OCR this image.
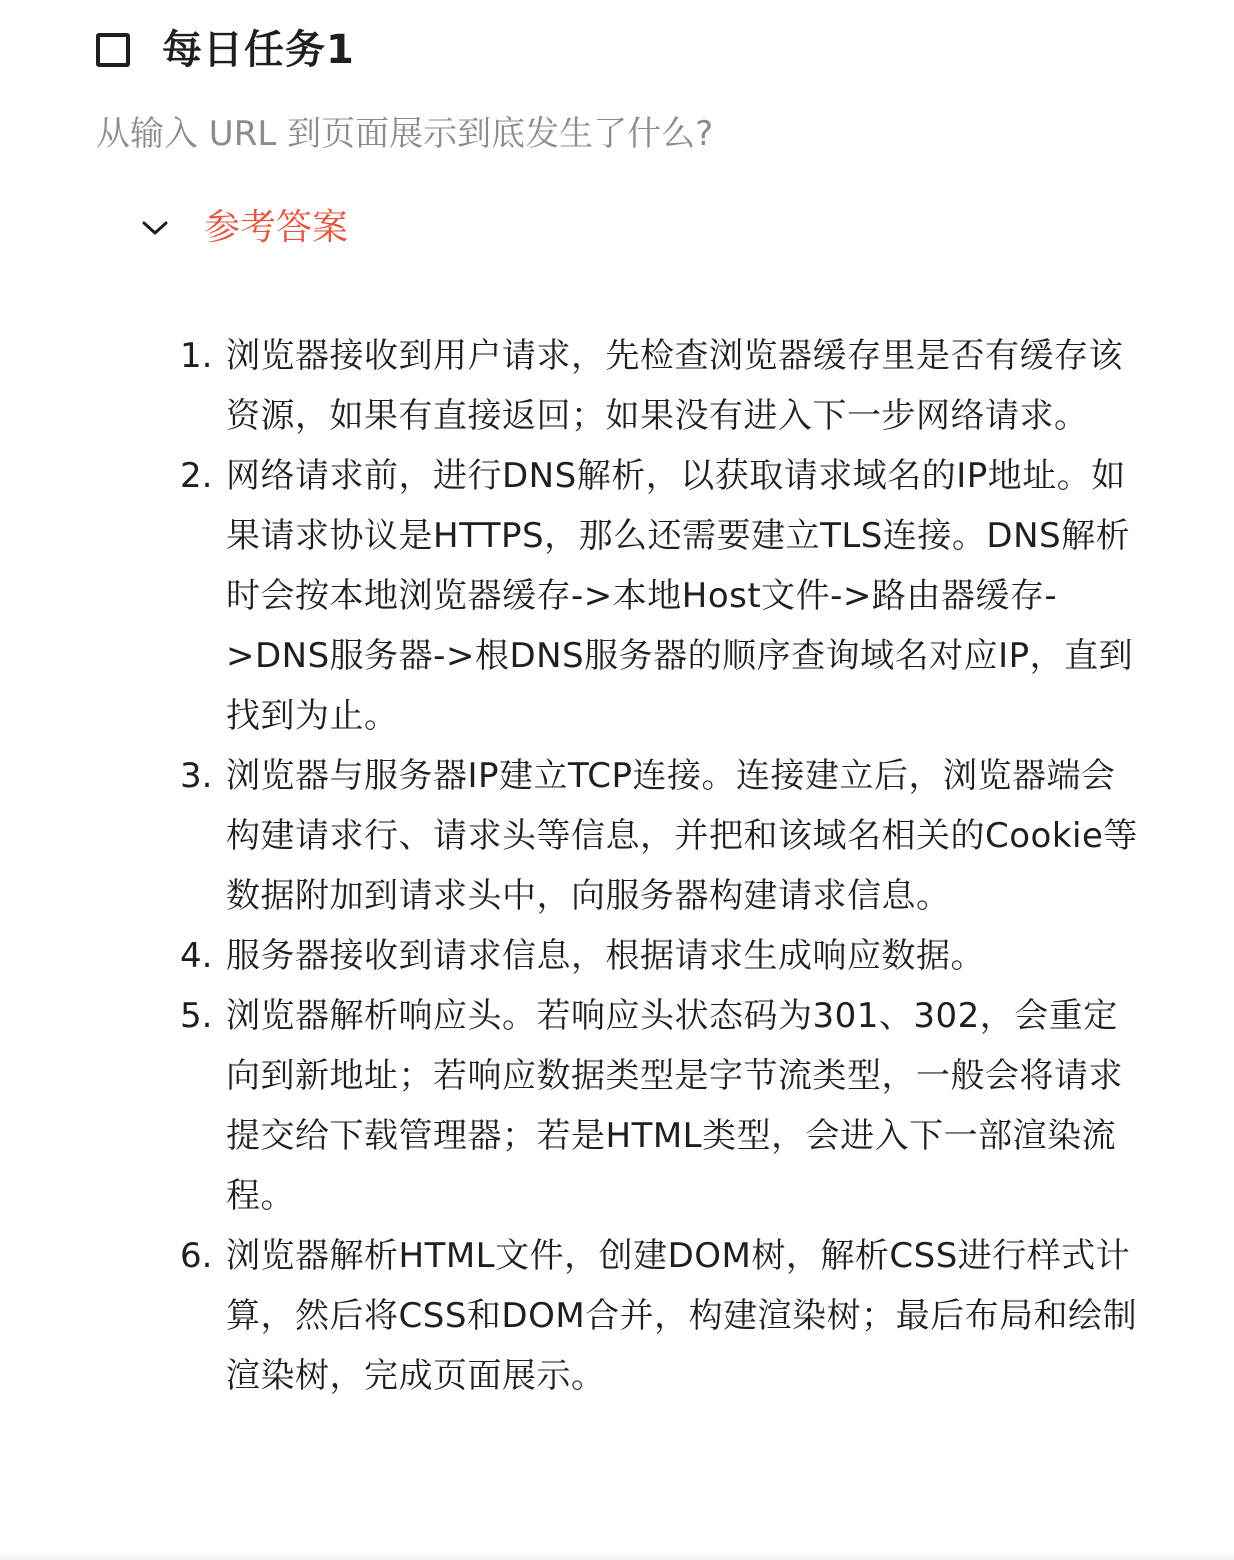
每日任务1
从输入 URL 到页面展示到底发生了什么?
参考答案
1. 浏览器接收到用户请求，先检查浏览器缓存里是否有缓存该资源，如果有直接返回；如果没有进入下一步网络请求。
2. 网络请求前，进行DNS解析，以获取请求域名的IP地址。如果请求协议是HTTPS，那么还需要建立TLS连接。DNS解析时会按本地浏览器缓存->本地Host文件->路由器缓存->DNS服务器->根DNS服务器的顺序查询域名对应IP，直到找到为止。
3. 浏览器与服务器IP建立TCP连接。连接建立后，浏览器端会构建请求行、请求头等信息，并把和该域名相关的Cookie等数据附加到请求头中，向服务器构建请求信息。
4. 服务器接收到请求信息，根据请求生成响应数据。
5. 浏览器解析响应头。若响应头状态码为301、302，会重定向到新地址；若响应数据类型是字节流类型，一般会将请求提交给下载管理器；若是HTML类型，会进入下一部渲染流程。
6. 浏览器解析HTML文件，创建DOM树，解析CSS进行样式计算，然后将CSS和DOM合并，构建渲染树；最后布局和绘制渲染树，完成页面展示。
